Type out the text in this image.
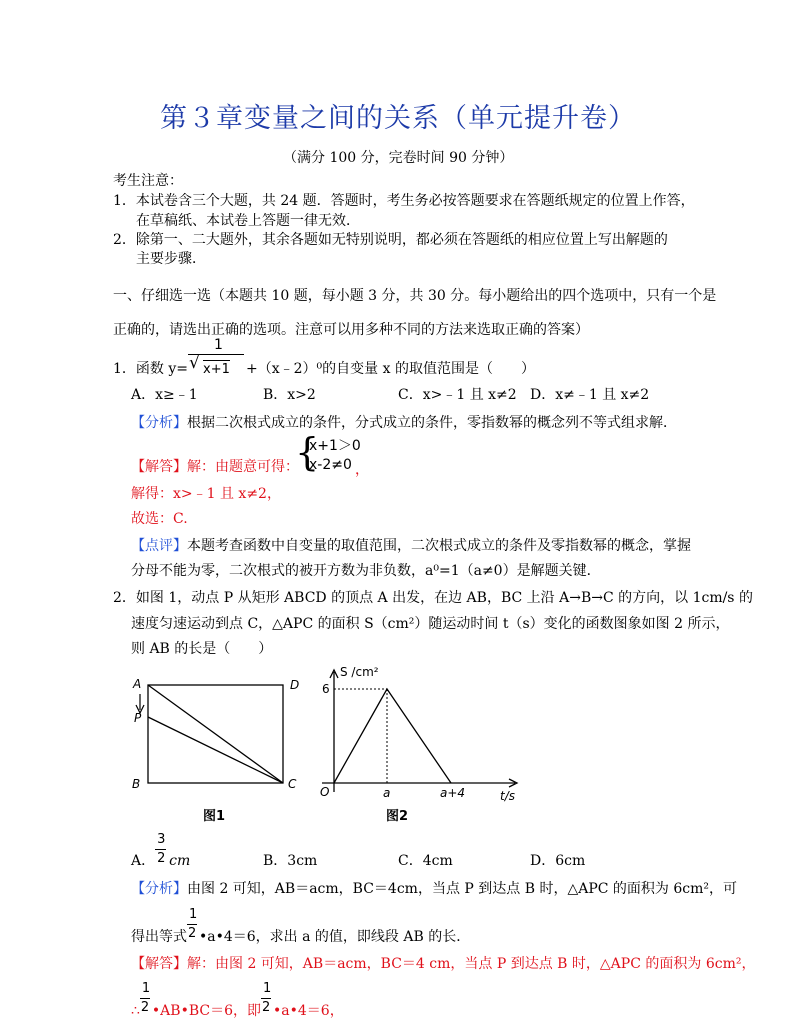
第３章变量之间的关系（单元提升卷）
（满分 100 分，完卷时间 90 分钟）
考生注意：
1．本试卷含三个大题，共 24 题．答题时，考生务必按答题要求在答题纸规定的位置上作答，
在草稿纸、本试卷上答题一律无效．
2．除第一、二大题外，其余各题如无特别说明，都必须在答题纸的相应位置上写出解题的
主要步骤．
一、仔细选一选（本题共 10 题，每小题 3 分，共 30 分。每小题给出的四个选项中，只有一个是
正确的，请选出正确的选项。注意可以用多种不同的方法来选取正确的答案）
1．函数 y=
1
√ x+1 +（x﹣2）⁰的自变量 x 的取值范围是（　　）
A．x≥﹣1	B．x>2	C．x>﹣1 且 x≠2 D．x≠﹣1 且 x≠2
【分析】根据二次根式成立的条件，分式成立的条件，零指数幂的概念列不等式组求解．
【解答】解：由题意可得：
{
x+1＞0
x-2≠0 ，
解得：x>﹣1 且 x≠2，
故选：C.
【点评】本题考查函数中自变量的取值范围，二次根式成立的条件及零指数幂的概念，掌握
分母不能为零，二次根式的被开方数为非负数，a⁰=1（a≠0）是解题关键．
2．如图 1，动点 P 从矩形 ABCD 的顶点 A 出发，在边 AB，BC 上沿 A→B→C 的方向，以 1cm/s 的
速度匀速运动到点 C，△APC 的面积 S（cm²）随运动时间 t（s）变化的函数图象如图 2 所示，
则 AB 的长是（　　）
A	D
P
B	C
图1
S /cm²
6
O	a	a+4	t/s
图2
A． $\frac{3}{2}$ cm	B．3cm	C．4cm	D．6cm
【分析】由图 2 可知，AB＝acm，BC＝4cm，当点 P 到达点 B 时，△APC 的面积为 6cm²，可
得出等式 $\frac{1}{2}$ •a•4＝6，求出 a 的值，即线段 AB 的长．
【解答】解：由图 2 可知，AB＝acm，BC＝4 cm，当点 P 到达点 B 时，△APC 的面积为 6cm²，
∴ $\frac{1}{2}$ •AB•BC＝6，即 $\frac{1}{2}$ •a•4＝6，
